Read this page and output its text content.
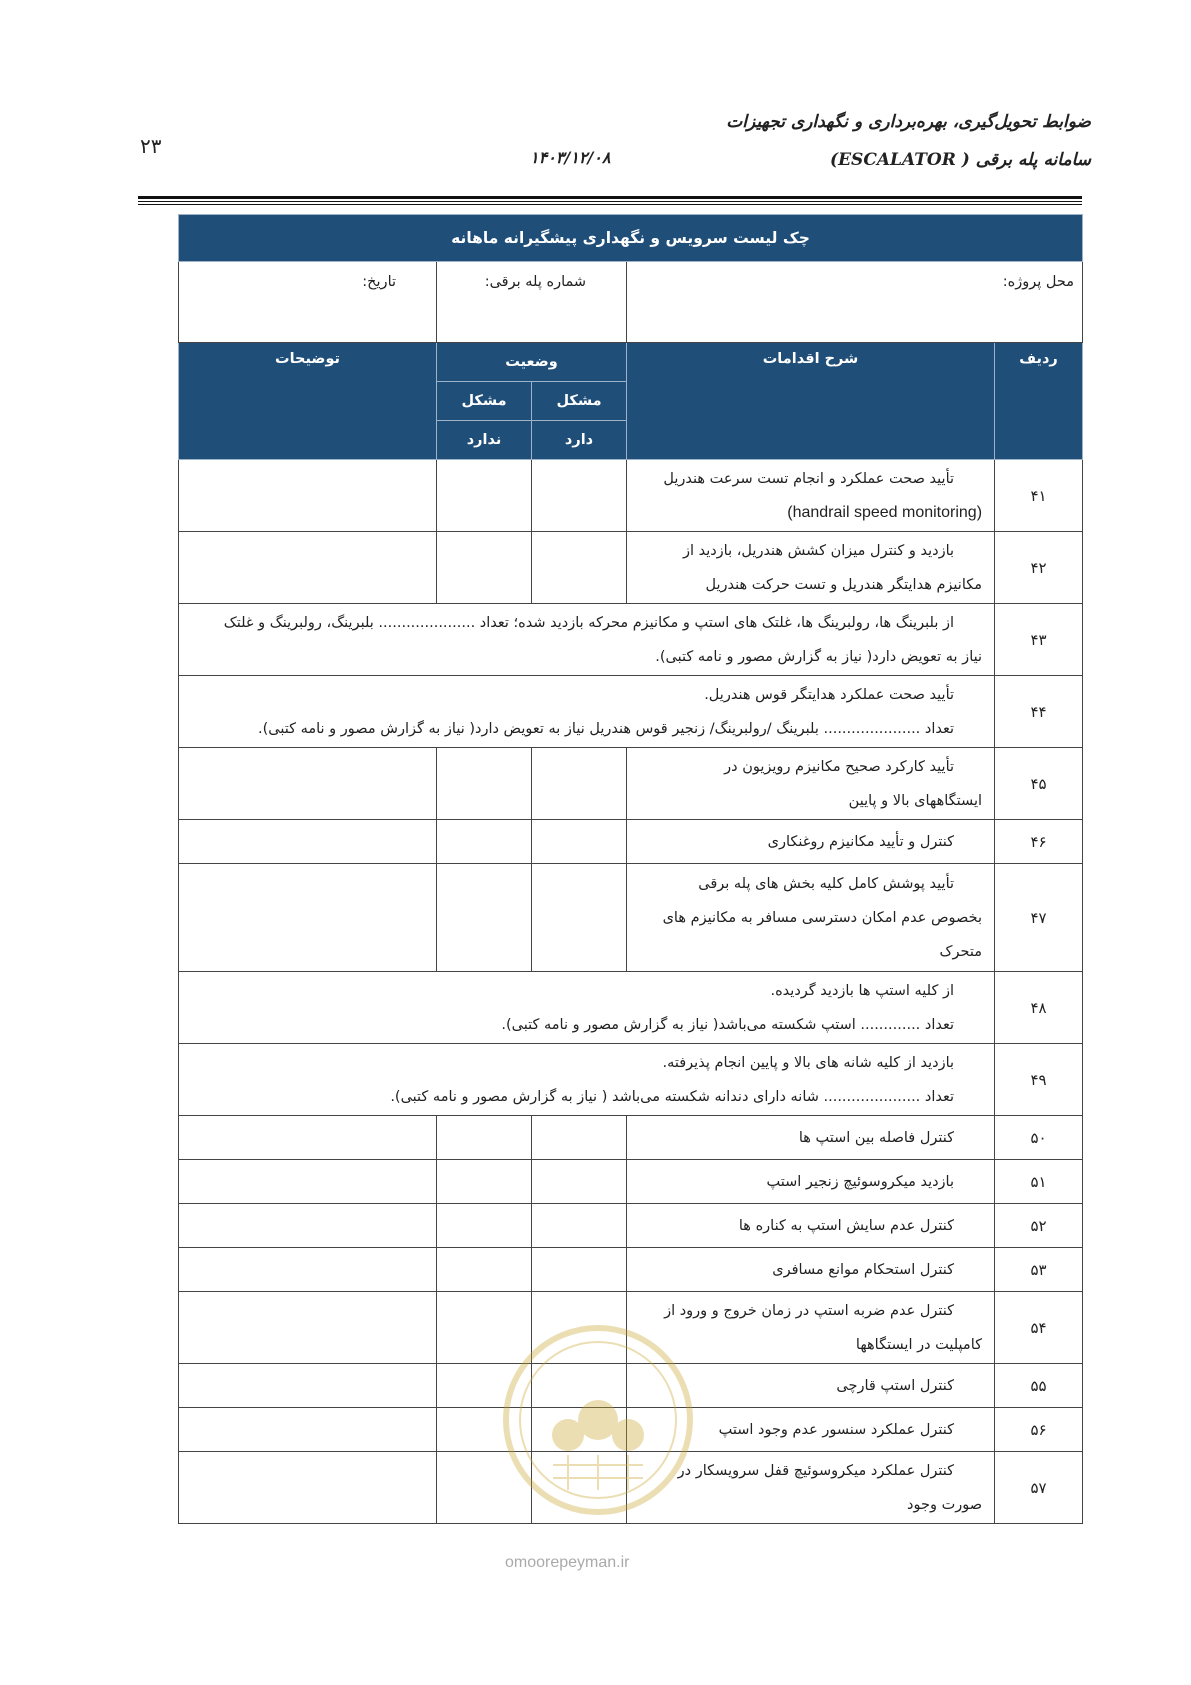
ضوابط تحویل‌گیری، بهره‌برداری و نگهداری تجهیزات
سامانه پله برقی ( ESCALATOR)
۱۴۰۳/۱۲/۰۸
۲۳
چک لیست سرویس و نگهداری پیشگیرانه ماهانه				
محل پروژه:		شماره پله برقی:		تاریخ:
ردیف	شرح اقدامات	وضعیت		توضیحات
		مشکل	مشکل	
		دارد	ندارد	
۴۱	تأیید صحت عملکرد و انجام تست سرعت هندریل
(handrail speed monitoring)			

۴۲	بازدید و کنترل میزان کشش هندریل، بازدید از
مکانیزم هدایتگر هندریل و تست حرکت هندریل			

۴۳	از بلبرینگ ها، رولبرینگ ها، غلتک های استپ و مکانیزم محرکه بازدید شده؛ تعداد ..................... بلبرینگ، رولبرینگ و غلتک
نیاز به تعویض دارد( نیاز به گزارش مصور و نامه کتبی).			

۴۴	تأیید صحت عملکرد هدایتگر قوس هندریل.
تعداد ..................... بلبرینگ /رولبرینگ/ زنجیر قوس هندریل نیاز به تعویض دارد( نیاز به گزارش مصور و نامه کتبی).			

۴۵	تأیید کارکرد صحیح مکانیزم رویزیون در
ایستگاههای بالا و پایین			

۴۶	کنترل و تأیید مکانیزم روغنکاری			

۴۷	تأیید پوشش کامل کلیه بخش های پله برقی
بخصوص عدم امکان دسترسی مسافر به مکانیزم های
متحرک			

۴۸	از کلیه استپ ها بازدید گردیده.
تعداد ............. استپ شکسته می‌باشد( نیاز به گزارش مصور و نامه کتبی).			

۴۹	بازدید از کلیه شانه های بالا و پایین انجام پذیرفته.
تعداد ..................... شانه دارای دندانه شکسته می‌باشد ( نیاز به گزارش مصور و نامه کتبی).			

۵۰	کنترل فاصله بین استپ ها			

۵۱	بازدید میکروسوئیچ زنجیر استپ			

۵۲	کنترل عدم سایش استپ به کناره ها			

۵۳	کنترل استحکام موانع مسافری			

۵۴	کنترل عدم ضربه استپ در زمان خروج و ورود از
کامپلیت در ایستگاهها			

۵۵	کنترل استپ قارچی			

۵۶	کنترل عملکرد سنسور عدم وجود استپ			

۵۷	کنترل عملکرد میکروسوئیچ قفل سرویسکار در
صورت وجود			

omoorepeyman.ir
